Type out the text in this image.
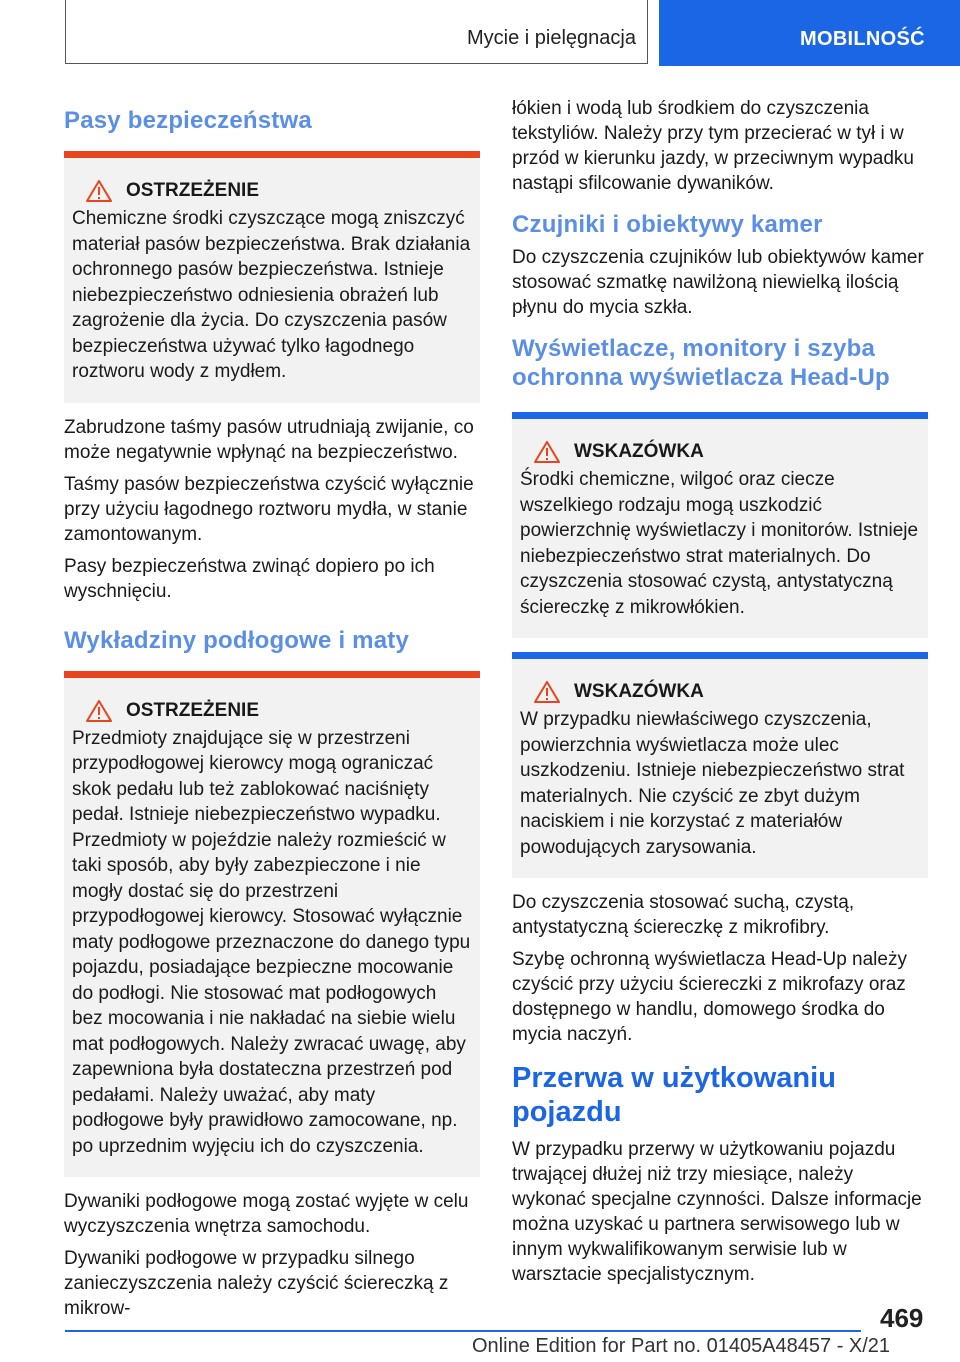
Mycie i pielęgnacja	MOBILNOŚĆ
Pasy bezpieczeństwa
OSTRZEŻENIE
Chemiczne środki czyszczące mogą zniszczyć materiał pasów bezpieczeństwa. Brak działania ochronnego pasów bezpieczeństwa. Istnieje niebezpieczeństwo odniesienia obrażeń lub zagrożenie dla życia. Do czyszczenia pasów bezpieczeństwa używać tylko łagodnego roztworu wody z mydłem.
Zabrudzone taśmy pasów utrudniają zwijanie, co może negatywnie wpłynąć na bezpieczeństwo.
Taśmy pasów bezpieczeństwa czyścić wyłącznie przy użyciu łagodnego roztworu mydła, w stanie zamontowanym.
Pasy bezpieczeństwa zwinąć dopiero po ich wyschnięciu.
Wykładziny podłogowe i maty
OSTRZEŻENIE
Przedmioty znajdujące się w przestrzeni przypodłogowej kierowcy mogą ograniczać skok pedału lub też zablokować naciśnięty pedał. Istnieje niebezpieczeństwo wypadku. Przedmioty w pojeździe należy rozmieścić w taki sposób, aby były zabezpieczone i nie mogły dostać się do przestrzeni przypodłogowej kierowcy. Stosować wyłącznie maty podłogowe przeznaczone do danego typu pojazdu, posiadające bezpieczne mocowanie do podłogi. Nie stosować mat podłogowych bez mocowania i nie nakładać na siebie wielu mat podłogowych. Należy zwracać uwagę, aby zapewniona była dostateczna przestrzeń pod pedałami. Należy uważać, aby maty podłogowe były prawidłowo zamocowane, np. po uprzednim wyjęciu ich do czyszczenia.
Dywaniki podłogowe mogą zostać wyjęte w celu wyczyszczenia wnętrza samochodu.
Dywaniki podłogowe w przypadku silnego zanieczyszczenia należy czyścić ściereczką z mikrow-
łókien i wodą lub środkiem do czyszczenia tekstyliów. Należy przy tym przecierać w tył i w przód w kierunku jazdy, w przeciwnym wypadku nastąpi sfilcowanie dywaników.
Czujniki i obiektywy kamer
Do czyszczenia czujników lub obiektywów kamer stosować szmatkę nawilżoną niewielką ilością płynu do mycia szkła.
Wyświetlacze, monitory i szyba ochronna wyświetlacza Head-Up
WSKAZÓWKA
Środki chemiczne, wilgoć oraz ciecze wszelkiego rodzaju mogą uszkodzić powierzchnię wyświetlaczy i monitorów. Istnieje niebezpieczeństwo strat materialnych. Do czyszczenia stosować czystą, antystatyczną ściereczkę z mikrowłókien.
WSKAZÓWKA
W przypadku niewłaściwego czyszczenia, powierzchnia wyświetlacza może ulec uszkodzeniu. Istnieje niebezpieczeństwo strat materialnych. Nie czyścić ze zbyt dużym naciskiem i nie korzystać z materiałów powodujących zarysowania.
Do czyszczenia stosować suchą, czystą, antystatyczną ściereczkę z mikrofibry.
Szybę ochronną wyświetlacza Head-Up należy czyścić przy użyciu ściereczki z mikrofazy oraz dostępnego w handlu, domowego środka do mycia naczyń.
Przerwa w użytkowaniu pojazdu
W przypadku przerwy w użytkowaniu pojazdu trwającej dłużej niż trzy miesiące, należy wykonać specjalne czynności. Dalsze informacje można uzyskać u partnera serwisowego lub w innym wykwalifikowanym serwisie lub w warsztacie specjalistycznym.
469
Online Edition for Part no. 01405A48457 - X/21
